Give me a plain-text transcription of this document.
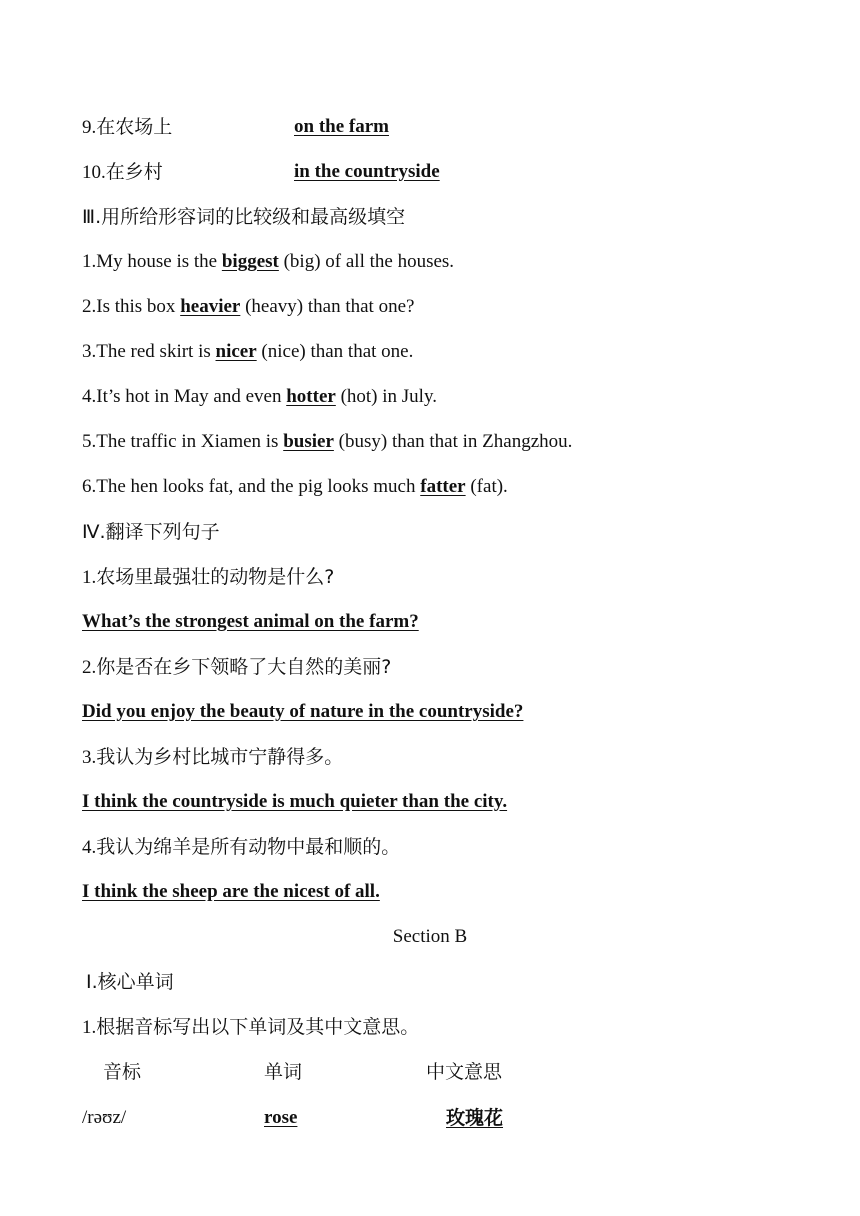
9.在农场上	on the farm
10.在乡村	in the countryside
Ⅲ.用所给形容词的比较级和最高级填空
1.My house is the biggest (big) of all the houses.
2.Is this box heavier (heavy) than that one?
3.The red skirt is nicer (nice) than that one.
4.It’s hot in May and even hotter (hot) in July.
5.The traffic in Xiamen is busier (busy) than that in Zhangzhou.
6.The hen looks fat, and the pig looks much fatter (fat).
Ⅳ.翻译下列句子
1.农场里最强壮的动物是什么?
What’s the strongest animal on the farm?
2.你是否在乡下领略了大自然的美丽?
Did you enjoy the beauty of nature in the countryside?
3.我认为乡村比城市宁静得多。
I think the countryside is much quieter than the city.
4.我认为绵羊是所有动物中最和顺的。
I think the sheep are the nicest of all.
Section B
Ⅰ.核心单词
1.根据音标写出以下单词及其中文意思。
音标	单词	中文意思
/rəʊz/	rose	玫瑰花
